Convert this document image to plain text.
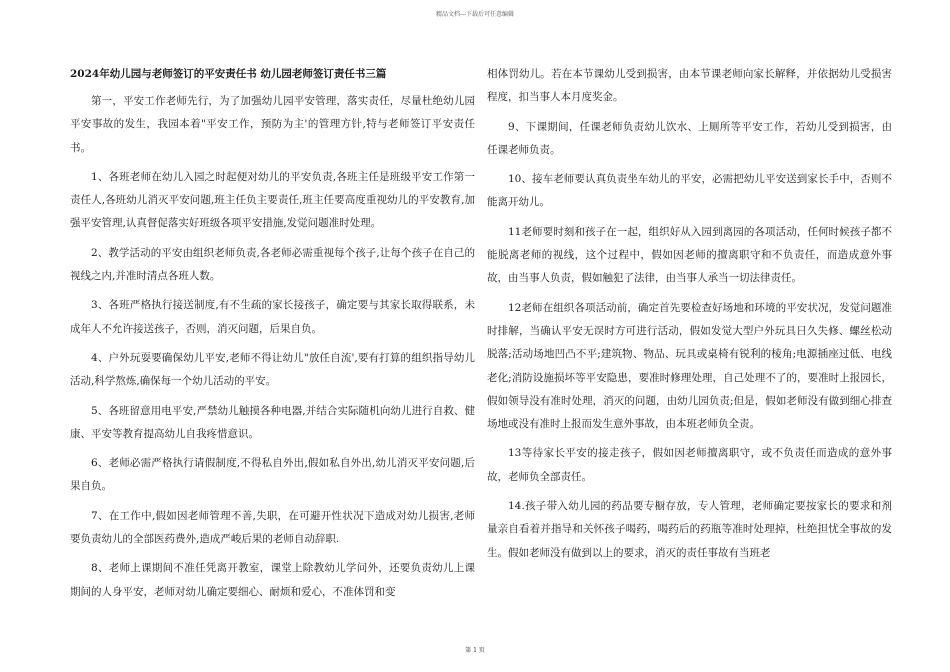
精品文档---下载后可任意编辑
2024年幼儿园与老师签订的平安责任书 幼儿园老师签订责任书三篇

第一，平安工作老师先行，为了加强幼儿园平安管理，落实责任，尽量杜绝幼儿园平安事故的发生，我园本着"平安工作，预防为主'的管理方针,特与老师签订平安责任书。

1、各班老师在幼儿入园之时起便对幼儿的平安负责,各班主任是班级平安工作第一责任人,各班幼儿消灭平安问题,班主任负主要责任,班主任要高度重视幼儿的平安教育,加强平安管理,认真督促落实好班级各项平安措施,发觉问题准时处理。

2、教学活动的平安由组织老师负责,各老师必需重视每个孩子,让每个孩子在自己的视线之内,并准时清点各班人数。

3、各班严格执行接送制度,有不生疏的家长接孩子，确定要与其家长取得联系，未成年人不允许接送孩子，否则，消灭问题，后果自负。

4、户外玩耍要确保幼儿平安,老师不得让幼儿"放任自流',要有打算的组织指导幼儿活动,科学熬炼,确保每一个幼儿活动的平安。

5、各班留意用电平安,严禁幼儿触摸各种电器,并结合实际随机向幼儿进行自救、健康、平安等教育提高幼儿自我疼惜意识。

6、老师必需严格执行请假制度,不得私自外出,假如私自外出,幼儿消灭平安问题,后果自负。

7、在工作中,假如因老师管理不善,失职，在可避开性状况下造成对幼儿损害,老师要负责幼儿的全部医药费外,造成严峻后果的老师自动辞职.

8、老师上课期间不准任凭离开教室，课堂上除教幼儿学问外，还要负责幼儿上课期间的人身平安，老师对幼儿确定要细心、耐烦和爱心，不准体罚和变

相体罚幼儿。若在本节课幼儿受到损害，由本节课老师向家长解释，并依据幼儿受损害程度，扣当事人本月度奖金。

9、下课期间，任课老师负责幼儿饮水、上厕所等平安工作，若幼儿受到损害，由任课老师负责。

10、接车老师要认真负责坐车幼儿的平安，必需把幼儿平安送到家长手中，否则不能离开幼儿。

11老师要时刻和孩子在一起，组织好从入园到离园的各项活动，任何时候孩子都不能脱离老师的视线，这个过程中，假如因老师的擅离职守和不负责任，而造成意外事故，由当事人负责，假如触犯了法律，由当事人承当一切法律责任。

12老师在组织各项活动前，确定首先要检查好场地和环境的平安状况，发觉问题准时排解，当确认平安无误时方可进行活动，假如发觉大型户外玩具日久失修、螺丝松动脱落;活动场地凹凸不平;建筑物、物品、玩具或桌椅有锐利的棱角;电源插座过低、电线老化;消防设施损坏等平安隐患，要准时修理处理，自己处理不了的，要准时上报园长，假如领导没有准时处理，消灭的问题，由幼儿园负责;但是，假如老师没有做到细心排查场地或没有准时上报而发生意外事故，由本班老师负全责。

13等待家长平安的接走孩子，假如因老师擅离职守，或不负责任而造成的意外事故，老师负全部责任。

14.孩子带入幼儿园的药品要专橱存放，专人管理，老师确定要按家长的要求和剂量亲自看着并指导和关怀孩子喝药，喝药后的药瓶等准时处理掉，杜绝担忧全事故的发生。假如老师没有做到以上的要求，消灭的责任事故有当班老

第 1 页
